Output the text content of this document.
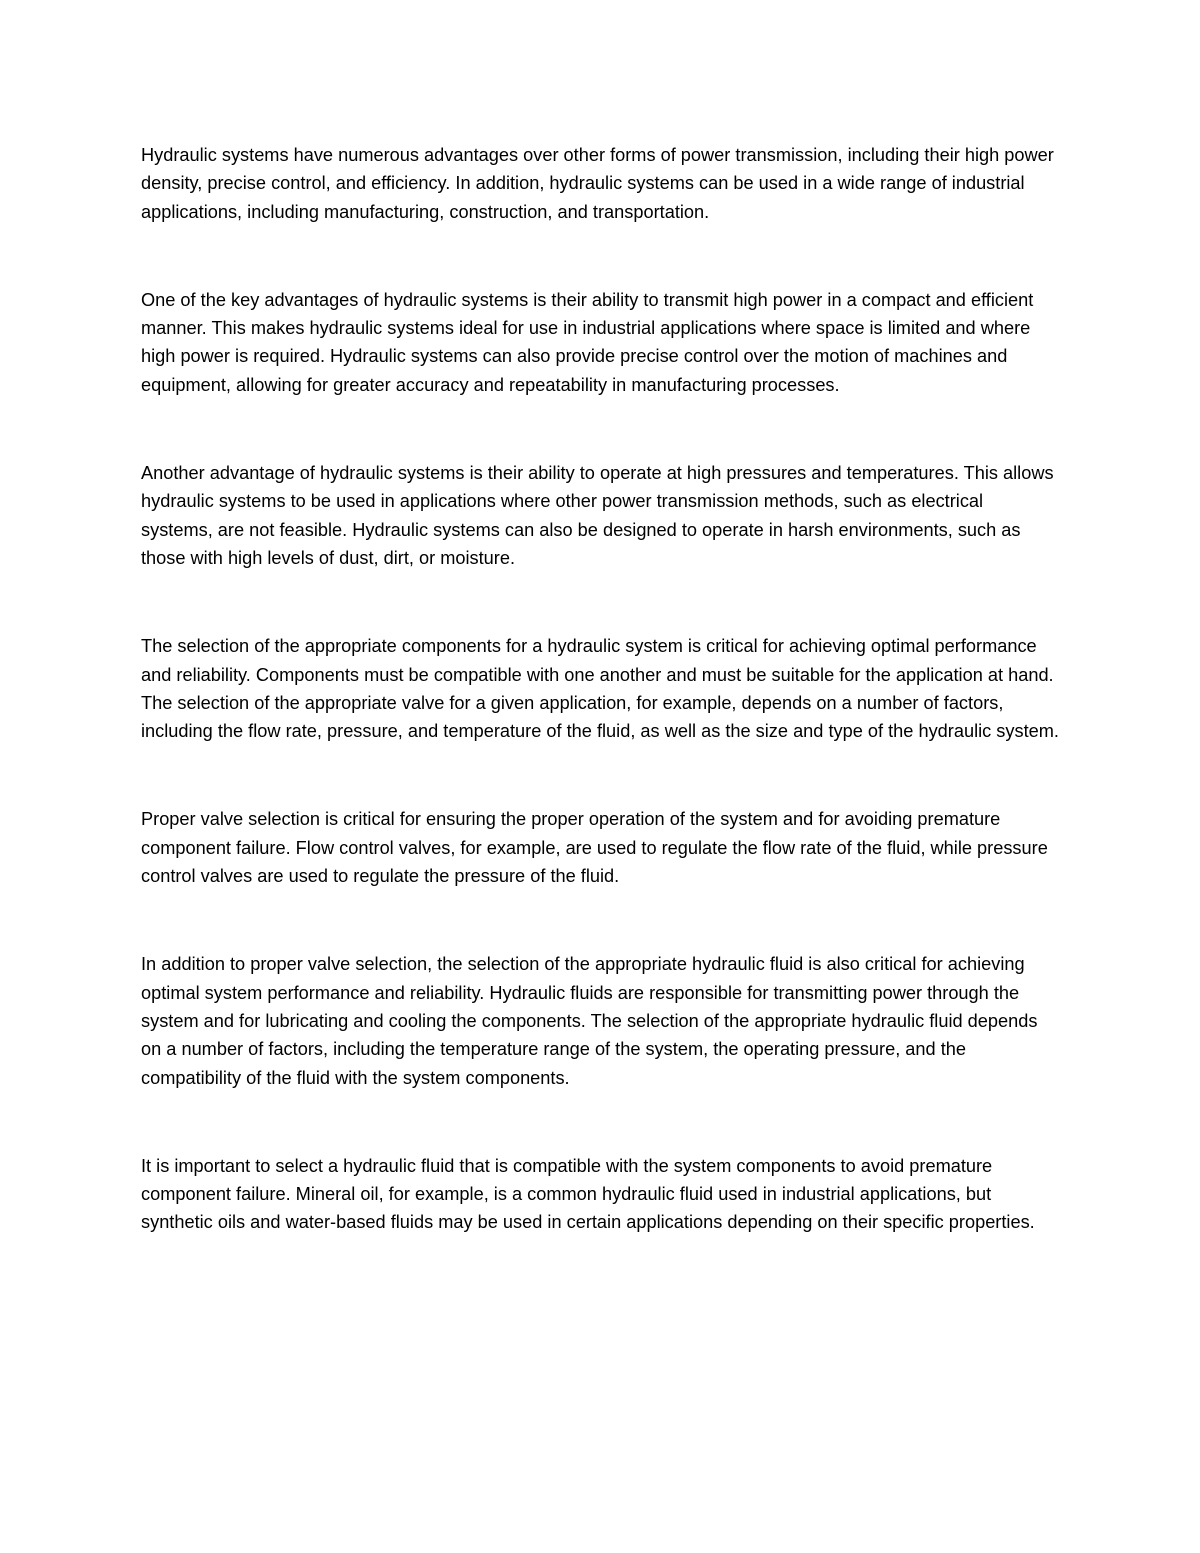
Hydraulic systems have numerous advantages over other forms of power transmission, including their high power density, precise control, and efficiency. In addition, hydraulic systems can be used in a wide range of industrial applications, including manufacturing, construction, and transportation.

One of the key advantages of hydraulic systems is their ability to transmit high power in a compact and efficient manner. This makes hydraulic systems ideal for use in industrial applications where space is limited and where high power is required. Hydraulic systems can also provide precise control over the motion of machines and equipment, allowing for greater accuracy and repeatability in manufacturing processes.

Another advantage of hydraulic systems is their ability to operate at high pressures and temperatures. This allows hydraulic systems to be used in applications where other power transmission methods, such as electrical systems, are not feasible. Hydraulic systems can also be designed to operate in harsh environments, such as those with high levels of dust, dirt, or moisture.

The selection of the appropriate components for a hydraulic system is critical for achieving optimal performance and reliability. Components must be compatible with one another and must be suitable for the application at hand. The selection of the appropriate valve for a given application, for example, depends on a number of factors, including the flow rate, pressure, and temperature of the fluid, as well as the size and type of the hydraulic system.

Proper valve selection is critical for ensuring the proper operation of the system and for avoiding premature component failure. Flow control valves, for example, are used to regulate the flow rate of the fluid, while pressure control valves are used to regulate the pressure of the fluid.

In addition to proper valve selection, the selection of the appropriate hydraulic fluid is also critical for achieving optimal system performance and reliability. Hydraulic fluids are responsible for transmitting power through the system and for lubricating and cooling the components. The selection of the appropriate hydraulic fluid depends on a number of factors, including the temperature range of the system, the operating pressure, and the compatibility of the fluid with the system components.

It is important to select a hydraulic fluid that is compatible with the system components to avoid premature component failure. Mineral oil, for example, is a common hydraulic fluid used in industrial applications, but synthetic oils and water-based fluids may be used in certain applications depending on their specific properties.
